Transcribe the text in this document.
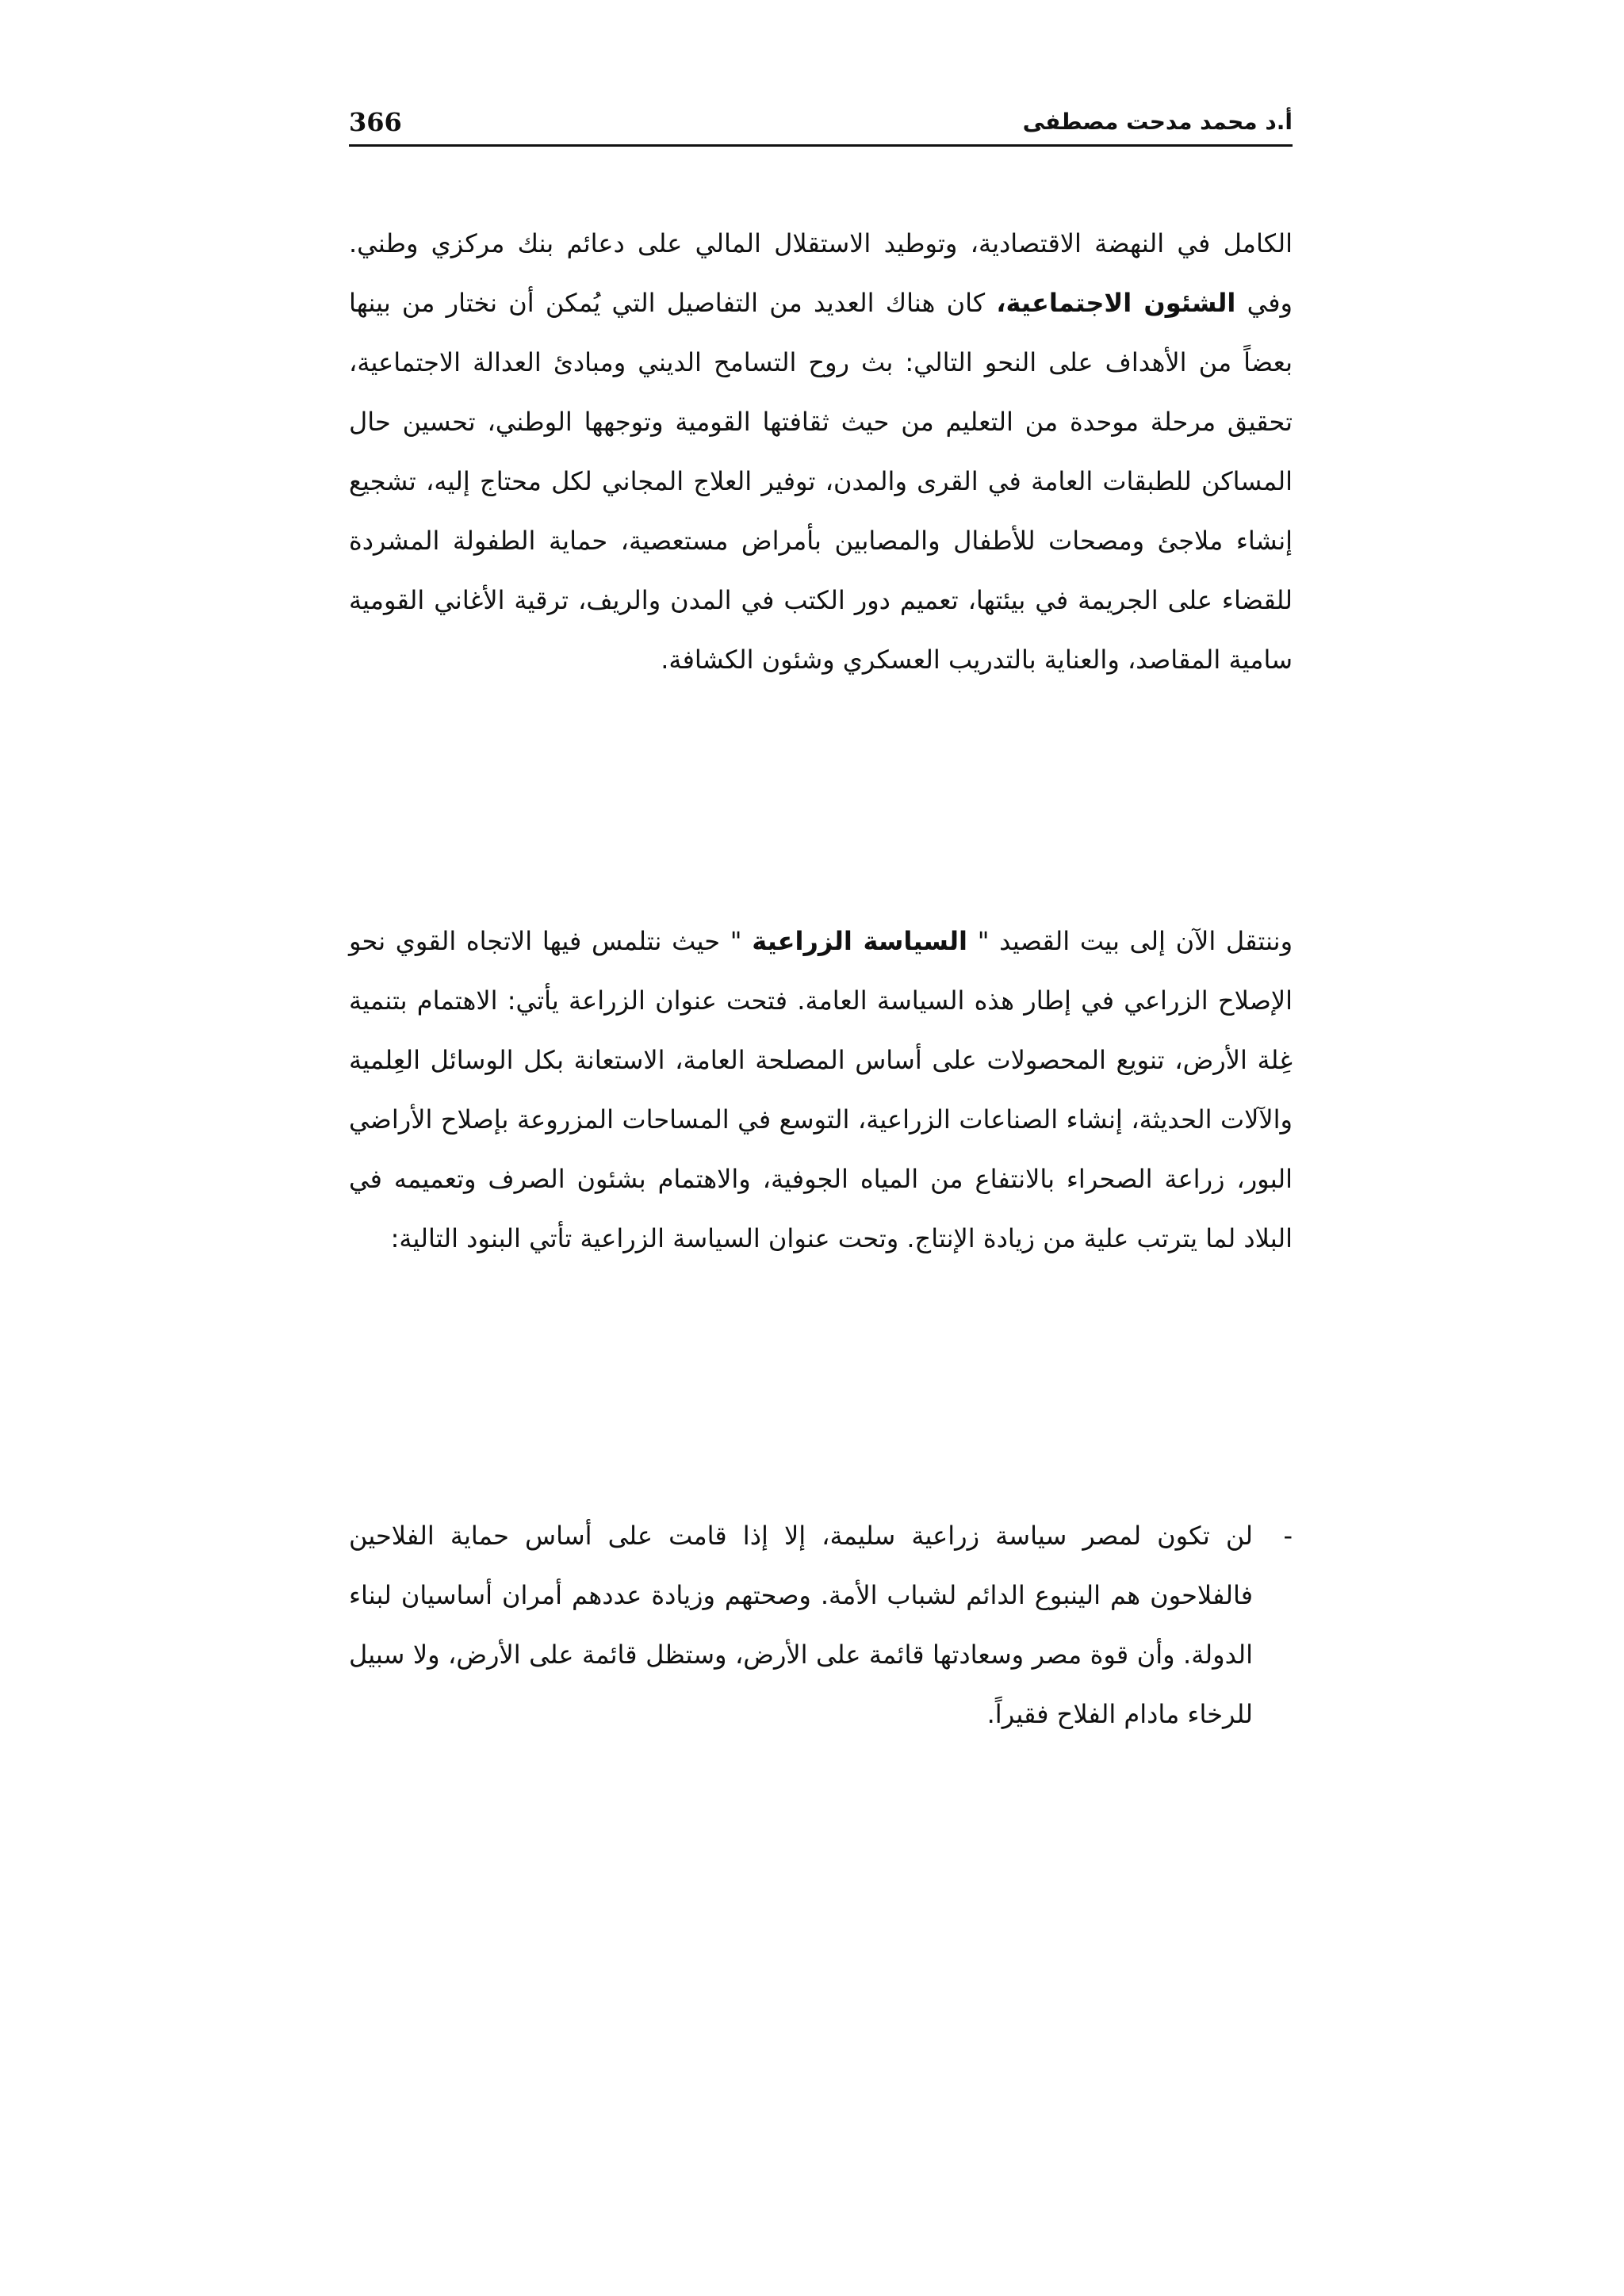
366	أ.د محمد مدحت مصطفى

الكامل في النهضة الاقتصادية، وتوطيد الاستقلال المالي على دعائم بنك مركزي وطني. وفي الشئون الاجتماعية، كان هناك العديد من التفاصيل التي يُمكن أن نختار من بينها بعضاً من الأهداف على النحو التالي: بث روح التسامح الديني ومبادئ العدالة الاجتماعية، تحقيق مرحلة موحدة من التعليم من حيث ثقافتها القومية وتوجهها الوطني، تحسين حال المساكن للطبقات العامة في القرى والمدن، توفير العلاج المجاني لكل محتاج إليه، تشجيع إنشاء ملاجئ ومصحات للأطفال والمصابين بأمراض مستعصية، حماية الطفولة المشردة للقضاء على الجريمة في بيئتها، تعميم دور الكتب في المدن والريف، ترقية الأغاني القومية سامية المقاصد، والعناية بالتدريب العسكري وشئون الكشافة.

وننتقل الآن إلى بيت القصيد " السياسة الزراعية " حيث نتلمس فيها الاتجاه القوي نحو الإصلاح الزراعي في إطار هذه السياسة العامة. فتحت عنوان الزراعة يأتي: الاهتمام بتنمية غِلة الأرض، تنويع المحصولات على أساس المصلحة العامة، الاستعانة بكل الوسائل العِلمية والآلات الحديثة، إنشاء الصناعات الزراعية، التوسع في المساحات المزروعة بإصلاح الأراضي البور، زراعة الصحراء بالانتفاع من المياه الجوفية، والاهتمام بشئون الصرف وتعميمه في البلاد لما يترتب علية من زيادة الإنتاج. وتحت عنوان السياسة الزراعية تأتي البنود التالية:

-
لن تكون لمصر سياسة زراعية سليمة، إلا إذا قامت على أساس حماية الفلاحين فالفلاحون هم الينبوع الدائم لشباب الأمة. وصحتهم وزيادة عددهم أمران أساسيان لبناء الدولة. وأن قوة مصر وسعادتها قائمة على الأرض، وستظل قائمة على الأرض، ولا سبيل للرخاء مادام الفلاح فقيراً.
